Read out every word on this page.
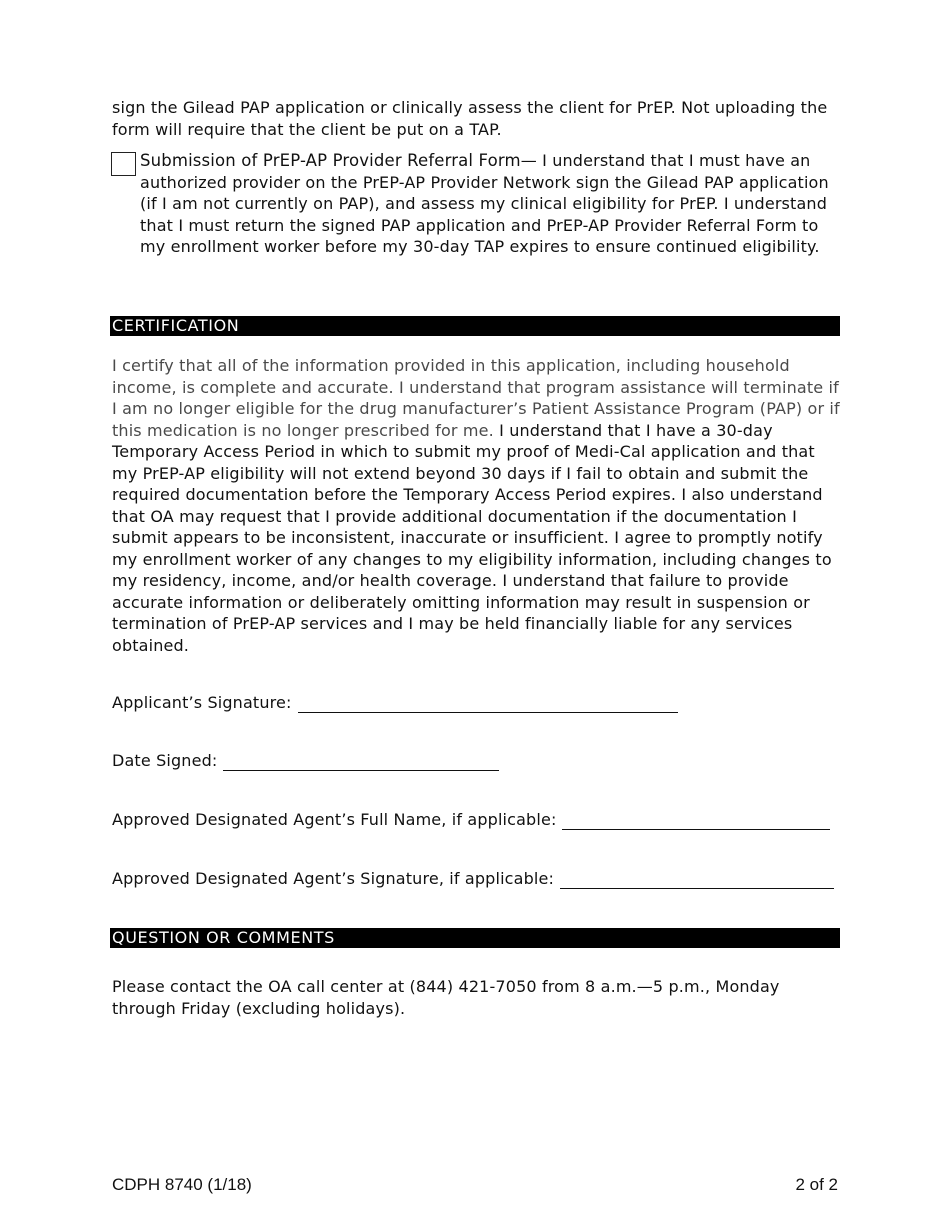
sign the Gilead PAP application or clinically assess the client for PrEP. Not uploading the form will require that the client be put on a TAP.

Submission of PrEP-AP Provider Referral Form— I understand that I must have an authorized provider on the PrEP-AP Provider Network sign the Gilead PAP application (if I am not currently on PAP), and assess my clinical eligibility for PrEP. I understand that I must return the signed PAP application and PrEP-AP Provider Referral Form to my enrollment worker before my 30-day TAP expires to ensure continued eligibility.

CERTIFICATION

I certify that all of the information provided in this application, including household income, is complete and accurate. I understand that program assistance will terminate if I am no longer eligible for the drug manufacturer’s Patient Assistance Program (PAP) or if this medication is no longer prescribed for me. I understand that I have a 30-day Temporary Access Period in which to submit my proof of Medi-Cal application and that my PrEP-AP eligibility will not extend beyond 30 days if I fail to obtain and submit the required documentation before the Temporary Access Period expires. I also understand that OA may request that I provide additional documentation if the documentation I submit appears to be inconsistent, inaccurate or insufficient. I agree to promptly notify my enrollment worker of any changes to my eligibility information, including changes to my residency, income, and/or health coverage. I understand that failure to provide accurate information or deliberately omitting information may result in suspension or termination of PrEP-AP services and I may be held financially liable for any services obtained.

Applicant’s Signature:
Date Signed:
Approved Designated Agent’s Full Name, if applicable:
Approved Designated Agent’s Signature, if applicable:
QUESTION OR COMMENTS

Please contact the OA call center at (844) 421-7050 from 8 a.m.—5 p.m., Monday through Friday (excluding holidays).

CDPH 8740 (1/18)	2 of 2
